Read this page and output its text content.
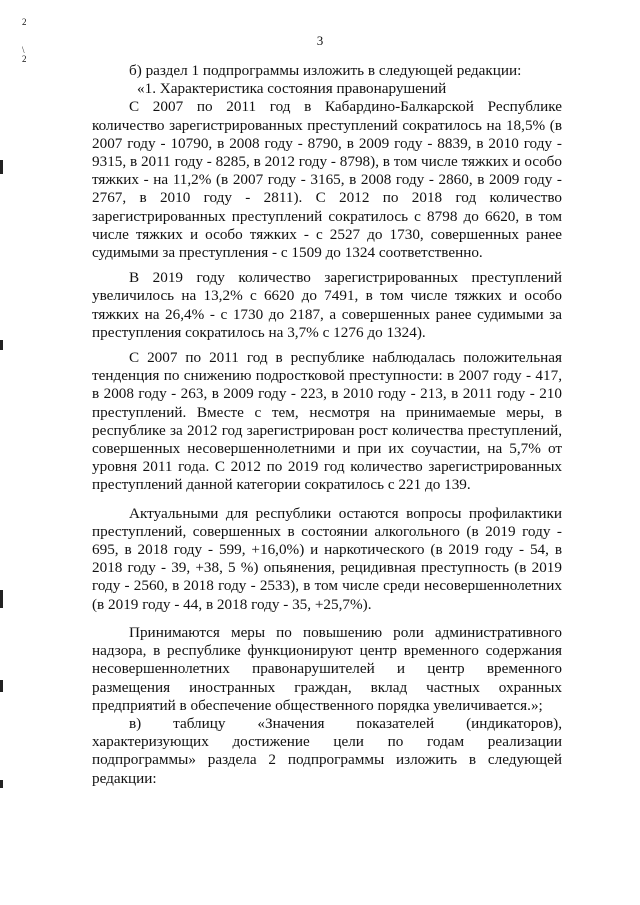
3
2
\
2

б) раздел 1 подпрограммы изложить в следующей редакции:

«1. Характеристика состояния правонарушений

С 2007 по 2011 год в Кабардино-Балкарской Республике количество зарегистрированных преступлений сократилось на 18,5% (в 2007 году - 10790, в 2008 году - 8790, в 2009 году - 8839, в 2010 году - 9315, в 2011 году - 8285, в 2012 году - 8798), в том числе тяжких и особо тяжких - на 11,2% (в 2007 году - 3165, в 2008 году - 2860, в 2009 году - 2767, в 2010 году - 2811). С 2012 по 2018 год количество зарегистрированных преступлений сократилось с 8798 до 6620, в том числе тяжких и особо тяжких - с 2527 до 1730, совершенных ранее судимыми за преступления - с 1509 до 1324 соответственно.

В 2019 году количество зарегистрированных преступлений увеличилось на 13,2% с 6620 до 7491, в том числе тяжких и особо тяжких на 26,4% - с 1730 до 2187, а совершенных ранее судимыми за преступления сократилось на 3,7% с 1276 до 1324).

С 2007 по 2011 год в республике наблюдалась положительная тенденция по снижению подростковой преступности: в 2007 году - 417, в 2008 году - 263, в 2009 году - 223, в 2010 году - 213, в 2011 году - 210 преступлений. Вместе с тем, несмотря на принимаемые меры, в республике за 2012 год зарегистрирован рост количества преступлений, совершенных несовершеннолетними и при их соучастии, на 5,7% от уровня 2011 года. С 2012 по 2019 год количество зарегистрированных преступлений данной категории сократилось с 221 до 139.

Актуальными для республики остаются вопросы профилактики преступлений, совершенных в состоянии алкогольного (в 2019 году - 695, в 2018 году - 599, +16,0%) и наркотического (в 2019 году - 54, в 2018 году - 39, +38, 5 %) опьянения, рецидивная преступность (в 2019 году - 2560, в 2018 году - 2533), в том числе среди несовершеннолетних (в 2019 году - 44, в 2018 году - 35, +25,7%).

Принимаются меры по повышению роли административного надзора, в республике функционируют центр временного содержания несовершеннолетних правонарушителей и центр временного размещения иностранных граждан, вклад частных охранных предприятий в обеспечение общественного порядка увеличивается.»;

в) таблицу «Значения показателей (индикаторов), характеризующих достижение цели по годам реализации подпрограммы» раздела 2 подпрограммы изложить в следующей редакции:
